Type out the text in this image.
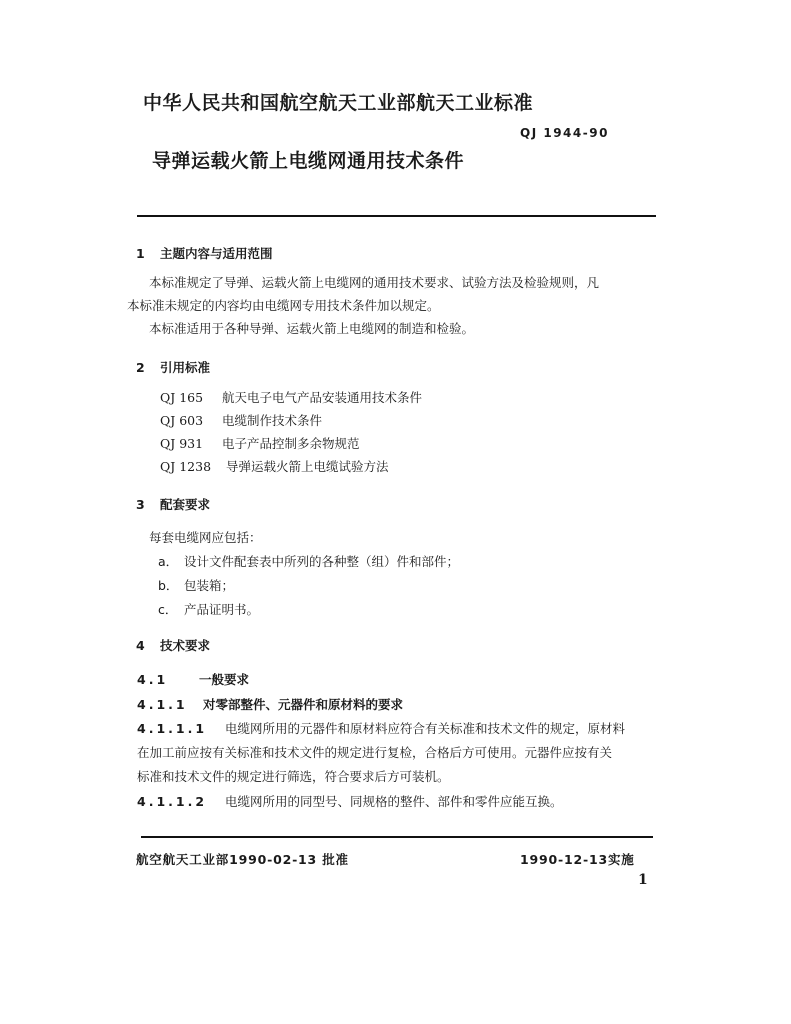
中华人民共和国航空航天工业部航天工业标准
QJ 1944-90
导弹运载火箭上电缆网通用技术条件
1 主题内容与适用范围
本标准规定了导弹、运载火箭上电缆网的通用技术要求、试验方法及检验规则，凡
本标准未规定的内容均由电缆网专用技术条件加以规定。
本标准适用于各种导弹、运载火箭上电缆网的制造和检验。
2 引用标准
QJ 165 航天电子电气产品安装通用技术条件
QJ 603 电缆制作技术条件
QJ 931 电子产品控制多余物规范
QJ 1238 导弹运载火箭上电缆试验方法
3 配套要求
每套电缆网应包括：
a． 设计文件配套表中所列的各种整（组）件和部件；
b． 包装箱；
c． 产品证明书。
4 技术要求
4.1 一般要求
4.1.1 对零部整件、元器件和原材料的要求
4.1.1.1 电缆网所用的元器件和原材料应符合有关标准和技术文件的规定，原材料
在加工前应按有关标准和技术文件的规定进行复检，合格后方可使用。元器件应按有关
标准和技术文件的规定进行筛选，符合要求后方可装机。
4.1.1.2 电缆网所用的同型号、同规格的整件、部件和零件应能互换。
航空航天工业部1990-02-13 批准	1990-12-13实施
1
